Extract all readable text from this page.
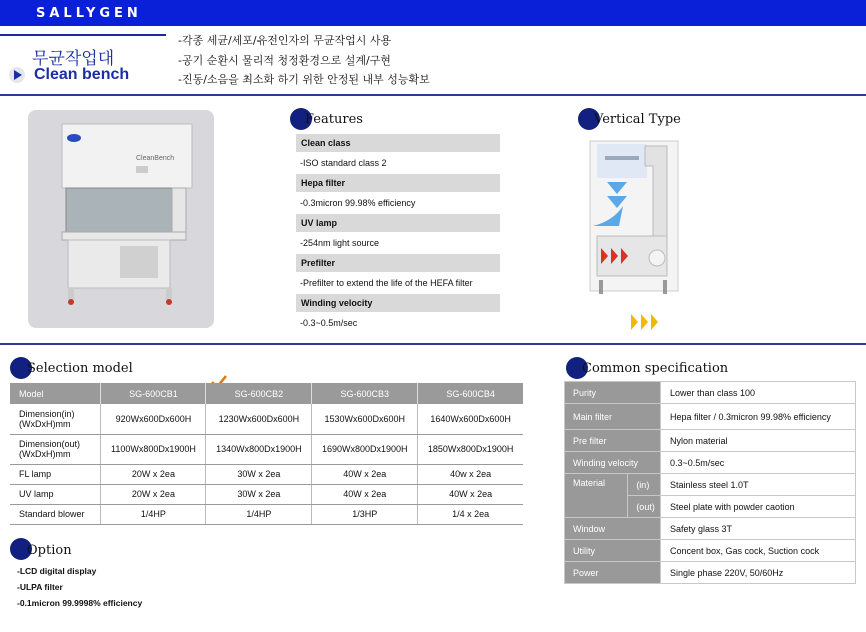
SALLYGEN
무균작업대
Clean bench
-각종 세균/세포/유전인자의 무균작업시 사용
-공기 순환시 물리적 청정환경으로 설계/구현
-진동/소음을 최소화 하기 위한 안정된 내부 성능확보
CleanBench
Features
Clean class
-ISO standard class 2
Hepa filter
-0.3micron 99.98% efficiency
UV lamp
-254nm light source
Prefilter
-Prefilter to extend the life of the HEFA filter
Winding velocity
-0.3~0.5m/sec
Vertical Type
Selection model
Model	SG-600CB1	SG-600CB2	SG-600CB3	SG-600CB4
Dimension(in)
(WxDxH)mm	920Wx600Dx600H	1230Wx600Dx600H	1530Wx600Dx600H	1640Wx600Dx600H
Dimension(out)
(WxDxH)mm	1100Wx800Dx1900H	1340Wx800Dx1900H	1690Wx800Dx1900H	1850Wx800Dx1900H
FL lamp	20W x 2ea	30W x 2ea	40W x 2ea	40w x 2ea
UV lamp	20W x 2ea	30W x 2ea	40W x 2ea	40W x 2ea
Standard blower	1/4HP	1/4HP	1/3HP	1/4 x 2ea
Option
-LCD digital display
-ULPA filter
-0.1micron 99.9998% efficiency
Common specification
Purity		Lower than class 100
Main filter		Hepa filter / 0.3micron 99.98% efficiency
Pre filter		Nylon material
Winding velocity		0.3~0.5m/sec
Material	(in)	Stainless steel 1.0T
	(out)	Steel plate with powder caotion
Window		Safety glass 3T
Utility		Concent box, Gas cock, Suction cock
Power		Single phase 220V, 50/60Hz
